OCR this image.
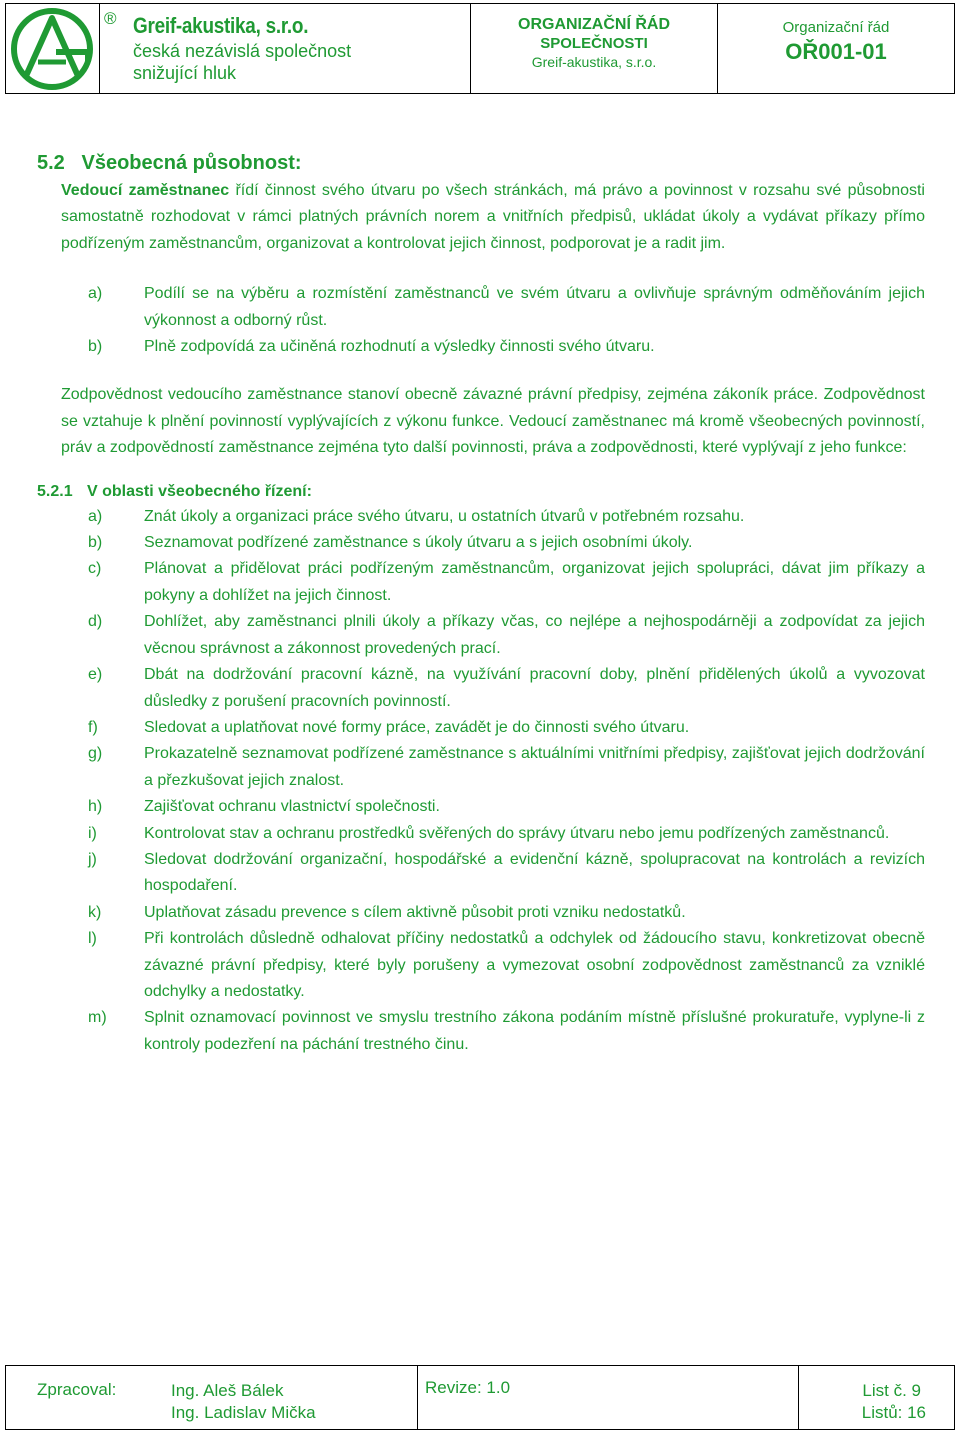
® Greif-akustika, s.r.o.
česká nezávislá společnost
snižující hluk
ORGANIZAČNÍ ŘÁD
SPOLEČNOSTI
Greif-akustika, s.r.o.
Organizační řád
OŘ001-01
5.2 Všeobecná působnost:

Vedoucí zaměstnanec řídí činnost svého útvaru po všech stránkách, má právo a povinnost v rozsahu své působnosti samostatně rozhodovat v rámci platných právních norem a vnitřních předpisů, ukládat úkoly a vydávat příkazy přímo podřízeným zaměstnancům, organizovat a kontrolovat jejich činnost, podporovat je a radit jim.

a)	Podílí se na výběru a rozmístění zaměstnanců ve svém útvaru a ovlivňuje správným odměňováním jejich výkonnost a odborný růst.
b)	Plně zodpovídá za učiněná rozhodnutí a výsledky činnosti svého útvaru.

Zodpovědnost vedoucího zaměstnance stanoví obecně závazné právní předpisy, zejména zákoník práce. Zodpovědnost se vztahuje k plnění povinností vyplývajících z výkonu funkce. Vedoucí zaměstnanec má kromě všeobecných povinností, práv a zodpovědností zaměstnance zejména tyto další povinnosti, práva a zodpovědnosti, které vyplývají z jeho funkce:

5.2.1 V oblasti všeobecného řízení:
a)	Znát úkoly a organizaci práce svého útvaru, u ostatních útvarů v potřebném rozsahu.
b)	Seznamovat podřízené zaměstnance s úkoly útvaru a s jejich osobními úkoly.
c)	Plánovat a přidělovat práci podřízeným zaměstnancům, organizovat jejich spolupráci, dávat jim příkazy a pokyny a dohlížet na jejich činnost.
d)	Dohlížet, aby zaměstnanci plnili úkoly a příkazy včas, co nejlépe a nejhospodárněji a zodpovídat za jejich věcnou správnost a zákonnost provedených prací.
e)	Dbát na dodržování pracovní kázně, na využívání pracovní doby, plnění přidělených úkolů a vyvozovat důsledky z porušení pracovních povinností.
f)	Sledovat a uplatňovat nové formy práce, zavádět je do činnosti svého útvaru.
g)	Prokazatelně seznamovat podřízené zaměstnance s aktuálními vnitřními předpisy, zajišťovat jejich dodržování a přezkušovat jejich znalost.
h)	Zajišťovat ochranu vlastnictví společnosti.
i)	Kontrolovat stav a ochranu prostředků svěřených do správy útvaru nebo jemu podřízených zaměstnanců.
j)	Sledovat dodržování organizační, hospodářské a evidenční kázně, spolupracovat na kontrolách a revizích hospodaření.
k)	Uplatňovat zásadu prevence s cílem aktivně působit proti vzniku nedostatků.
l)	Při kontrolách důsledně odhalovat příčiny nedostatků a odchylek od žádoucího stavu, konkretizovat obecně závazné právní předpisy, které byly porušeny a vymezovat osobní zodpovědnost zaměstnanců za vzniklé odchylky a nedostatky.
m)	Splnit oznamovací povinnost ve smyslu trestního zákona podáním místně příslušné prokuratuře, vyplyne-li z kontroly podezření na páchání trestného činu.
Zpracoval:	Ing. Aleš Bálek
Ing. Ladislav Mička
Revize: 1.0	List č. 9
Listů: 16
